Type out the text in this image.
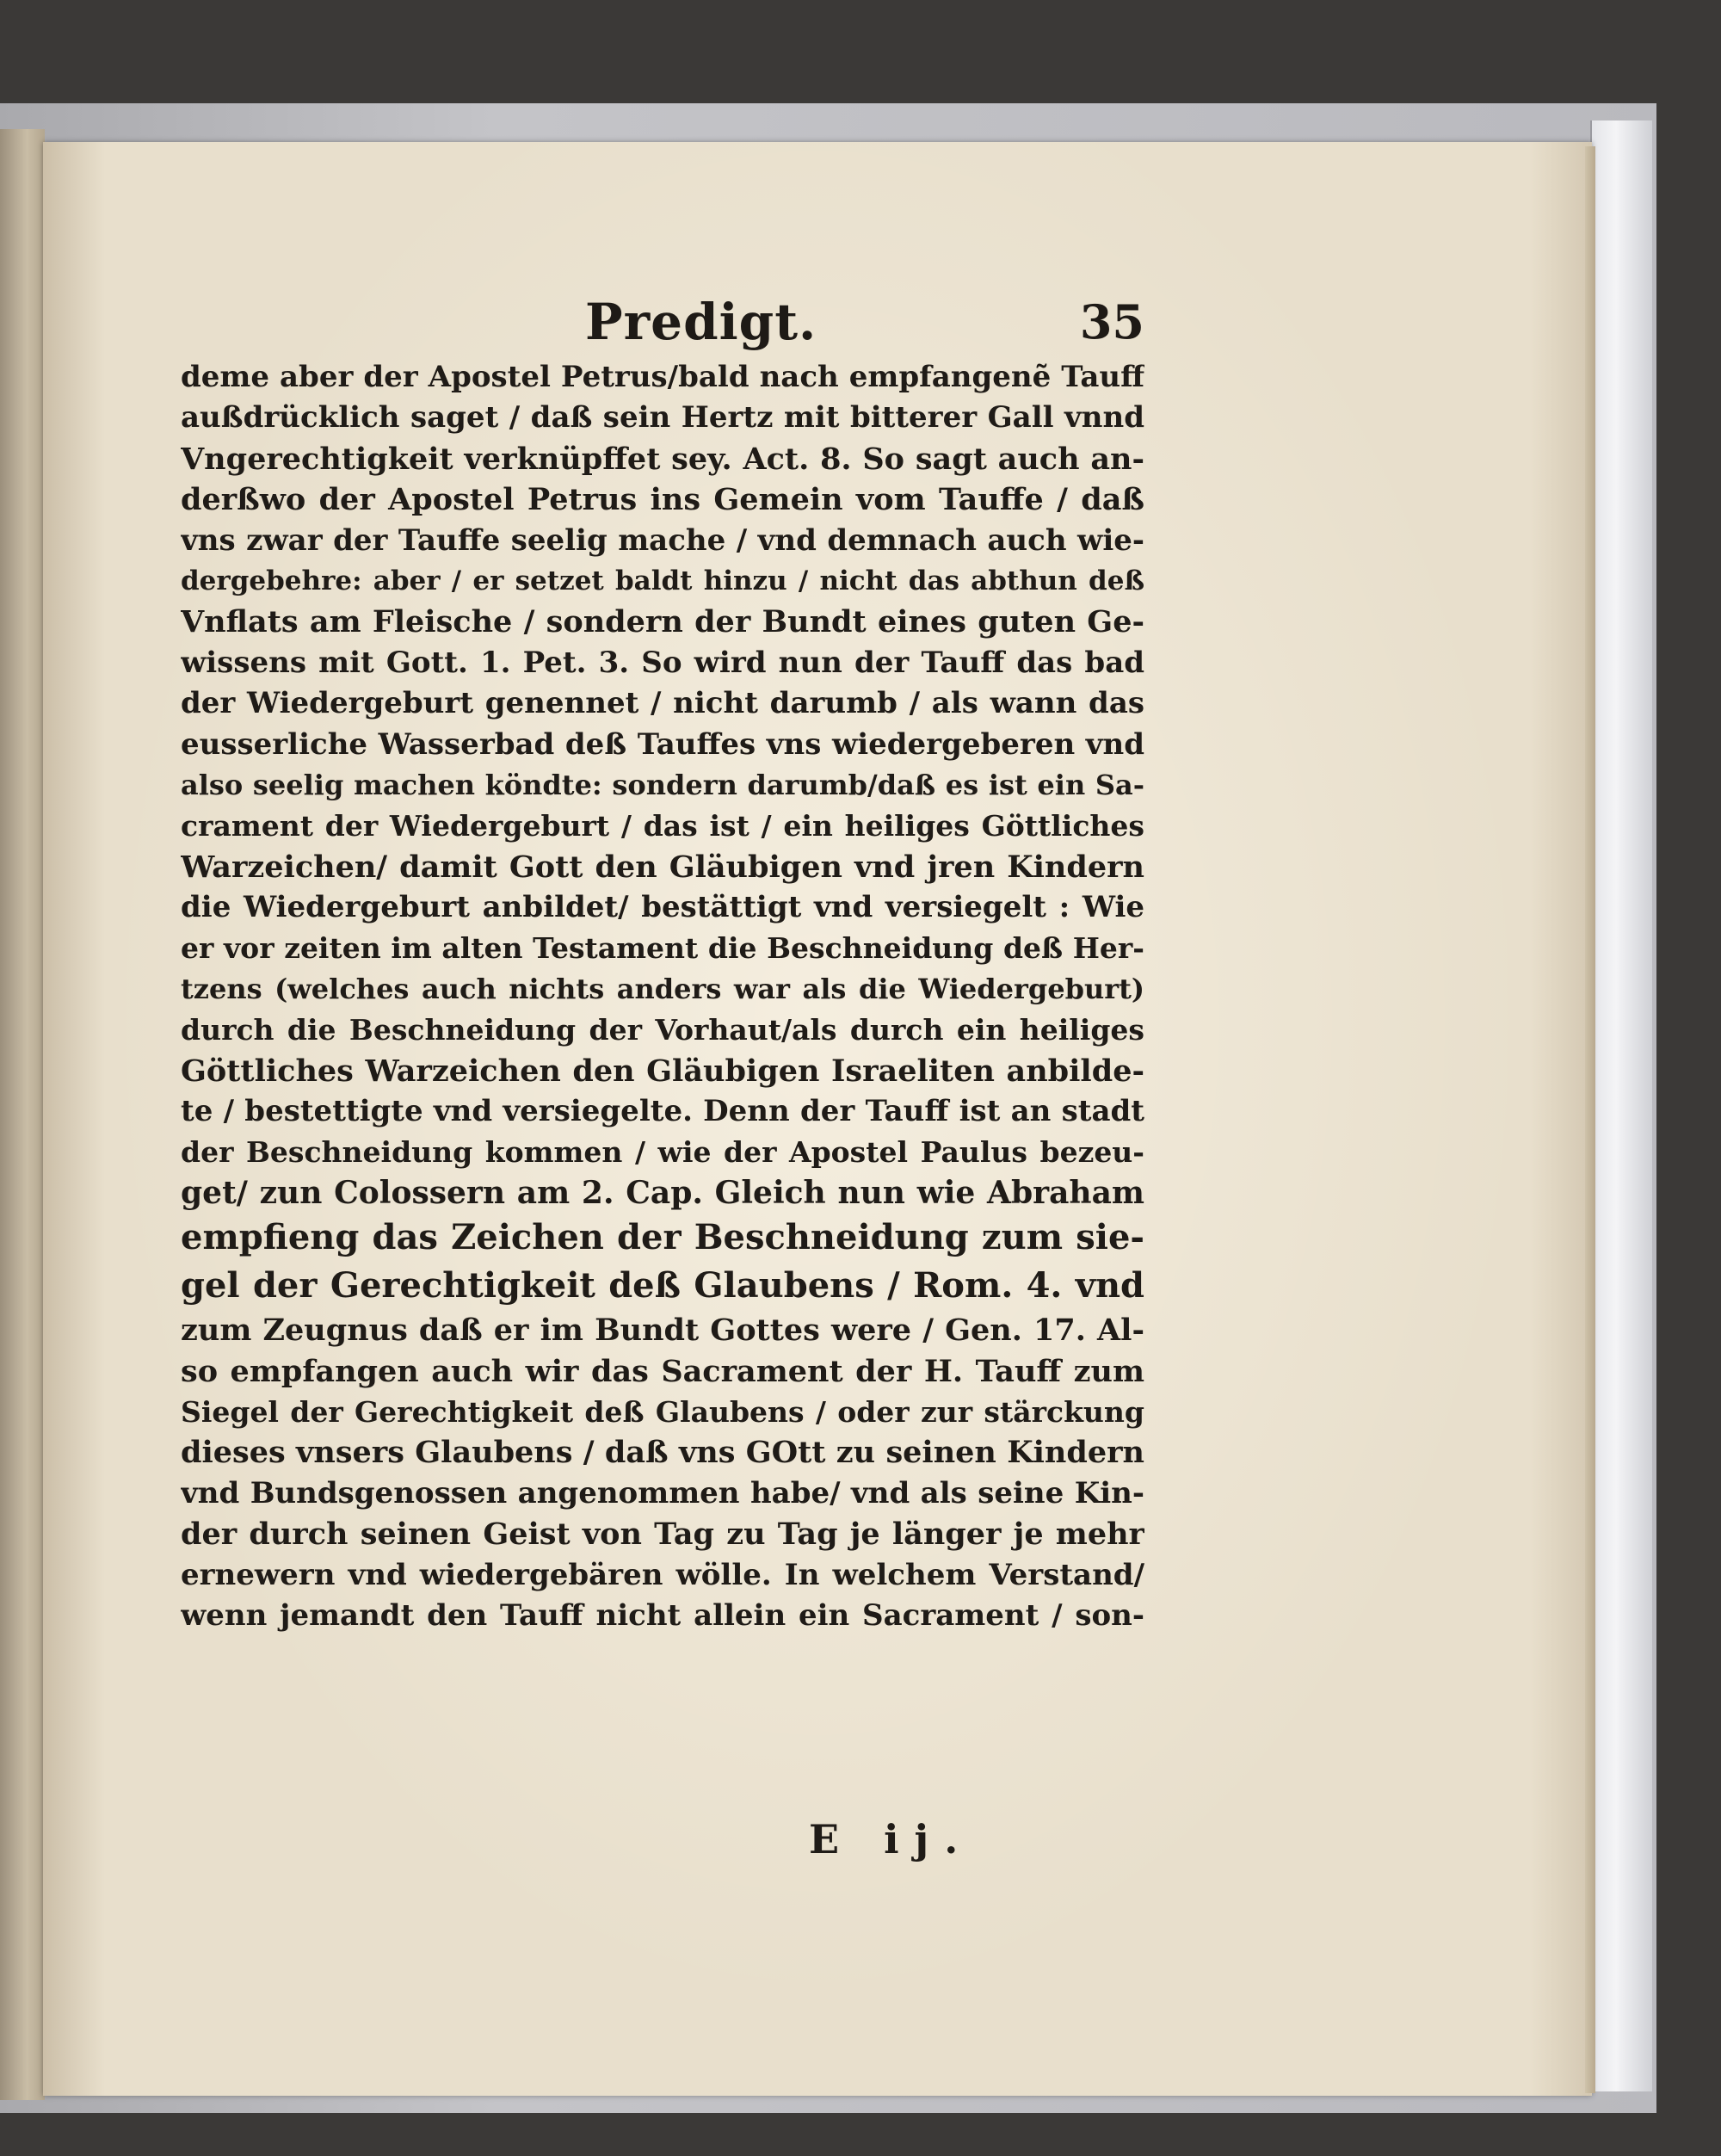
Predigt.	35
deme aber der Apostel Petrus/bald nach empfangenẽ Tauff
außdrücklich saget / daß sein Hertz mit bitterer Gall vnnd
Vngerechtigkeit verknüpffet sey. Act. 8. So sagt auch an-
derßwo der Apostel Petrus ins Gemein vom Tauffe / daß
vns zwar der Tauffe seelig mache / vnd demnach auch wie-
dergebehre: aber / er setzet baldt hinzu / nicht das abthun deß
Vnflats am Fleische / sondern der Bundt eines guten Ge-
wissens mit Gott. 1. Pet. 3. So wird nun der Tauff das bad
der Wiedergeburt genennet / nicht darumb / als wann das
eusserliche Wasserbad deß Tauffes vns wiedergeberen vnd
also seelig machen köndte: sondern darumb/daß es ist ein Sa-
crament der Wiedergeburt / das ist / ein heiliges Göttliches
Warzeichen/ damit Gott den Gläubigen vnd jren Kindern
die Wiedergeburt anbildet/ bestättigt vnd versiegelt : Wie
er vor zeiten im alten Testament die Beschneidung deß Her-
tzens (welches auch nichts anders war als die Wiedergeburt)
durch die Beschneidung der Vorhaut/als durch ein heiliges
Göttliches Warzeichen den Gläubigen Israeliten anbilde-
te / bestettigte vnd versiegelte. Denn der Tauff ist an stadt
der Beschneidung kommen / wie der Apostel Paulus bezeu-
get/ zun Colossern am 2. Cap. Gleich nun wie Abraham
empfieng das Zeichen der Beschneidung zum sie-
gel der Gerechtigkeit deß Glaubens / Rom. 4. vnd
zum Zeugnus daß er im Bundt Gottes were / Gen. 17. Al-
so empfangen auch wir das Sacrament der H. Tauff zum
Siegel der Gerechtigkeit deß Glaubens / oder zur stärckung
dieses vnsers Glaubens / daß vns GOtt zu seinen Kindern
vnd Bundsgenossen angenommen habe/ vnd als seine Kin-
der durch seinen Geist von Tag zu Tag je länger je mehr
ernewern vnd wiedergebären wölle. In welchem Verstand/
wenn jemandt den Tauff nicht allein ein Sacrament / son-
E ij.
